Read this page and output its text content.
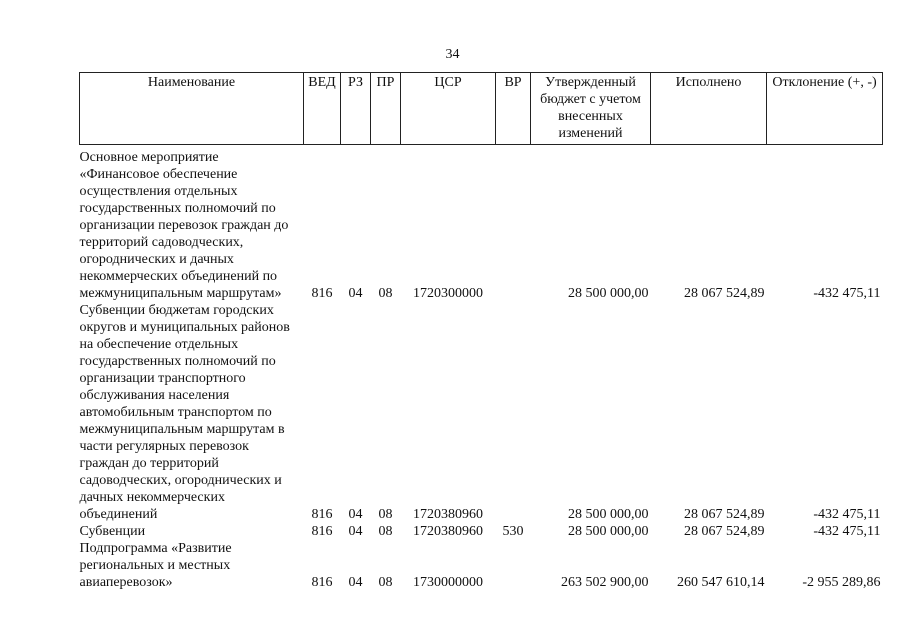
34
Наименование	ВЕД	РЗ	ПР	ЦСР	ВР	Утвержденный бюджет с учетом внесенных изменений	Исполнено	Отклонение (+, -)

Основное мероприятие «Финансовое обеспечение осуществления отдельных государственных полномочий по организации перевозок граждан до территорий садоводческих, огороднических и дачных некоммерческих объединений по межмуниципальным маршрутам»	816	04	08	1720300000		28 500 000,00	28 067 524,89	-432 475,11
Субвенции бюджетам городских округов и муниципальных районов на обеспечение отдельных государственных полномочий по организации транспортного обслуживания населения автомобильным транспортом по межмуниципальным маршрутам в части регулярных перевозок граждан до территорий садоводческих, огороднических и дачных некоммерческих объединений	816	04	08	1720380960		28 500 000,00	28 067 524,89	-432 475,11
Субвенции	816	04	08	1720380960	530	28 500 000,00	28 067 524,89	-432 475,11
Подпрограмма «Развитие региональных и местных авиаперевозок»	816	04	08	1730000000		263 502 900,00	260 547 610,14	-2 955 289,86
